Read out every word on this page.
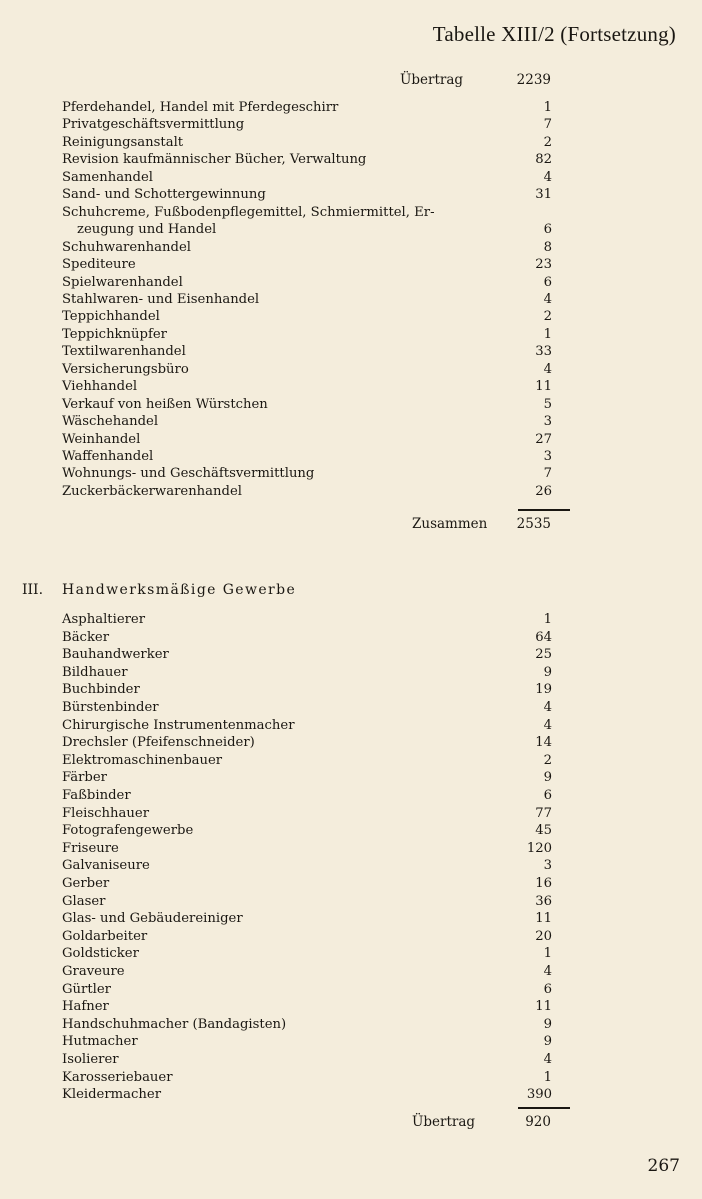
Tabelle XIII/2 (Fortsetzung)
Übertrag	2239
Pferdehandel, Handel mit Pferdegeschirr	1
Privatgeschäftsvermittlung	7
Reinigungsanstalt	2
Revision kaufmännischer Bücher, Verwaltung	82
Samenhandel	4
Sand- und Schottergewinnung	31
Schuhcreme, Fußbodenpflegemittel, Schmiermittel, Er-
zeugung und Handel	6
Schuhwarenhandel	8
Spediteure	23
Spielwarenhandel	6
Stahlwaren- und Eisenhandel	4
Teppichhandel	2
Teppichknüpfer	1
Textilwarenhandel	33
Versicherungsbüro	4
Viehhandel	11
Verkauf von heißen Würstchen	5
Wäschehandel	3
Weinhandel	27
Waffenhandel	3
Wohnungs- und Geschäftsvermittlung	7
Zuckerbäckerwarenhandel	26
Zusammen 2535
III. Handwerksmäßige Gewerbe
Asphaltierer	1
Bäcker	64
Bauhandwerker	25
Bildhauer	9
Buchbinder	19
Bürstenbinder	4
Chirurgische Instrumentenmacher	4
Drechsler (Pfeifenschneider)	14
Elektromaschinenbauer	2
Färber	9
Faßbinder	6
Fleischhauer	77
Fotografengewerbe	45
Friseure	120
Galvaniseure	3
Gerber	16
Glaser	36
Glas- und Gebäudereiniger	11
Goldarbeiter	20
Goldsticker	1
Graveure	4
Gürtler	6
Hafner	11
Handschuhmacher (Bandagisten)	9
Hutmacher	9
Isolierer	4
Karosseriebauer	1
Kleidermacher	390
Übertrag	920
267
